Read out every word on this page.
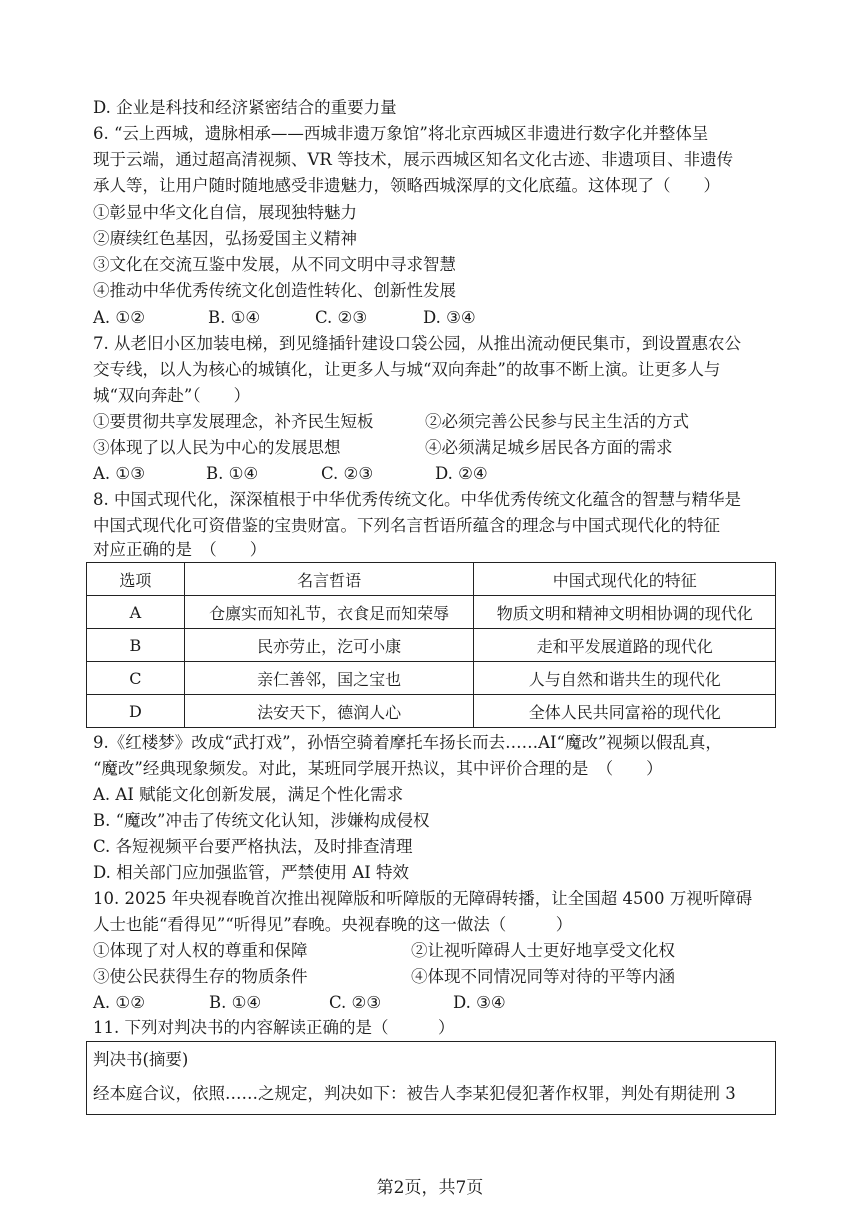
D. 企业是科技和经济紧密结合的重要力量
6. “云上西城，遗脉相承——西城非遗万象馆”将北京西城区非遗进行数字化并整体呈
现于云端，通过超高清视频、VR 等技术，展示西城区知名文化古迹、非遗项目、非遗传
承人等，让用户随时随地感受非遗魅力，领略西城深厚的文化底蕴。这体现了（　　）
①彰显中华文化自信，展现独特魅力
②赓续红色基因，弘扬爱国主义精神
③文化在交流互鉴中发展，从不同文明中寻求智慧
④推动中华优秀传统文化创造性转化、创新性发展
A. ①②	B. ①④	C. ②③	D. ③④
7. 从老旧小区加装电梯，到见缝插针建设口袋公园，从推出流动便民集市，到设置惠农公
交专线，以人为核心的城镇化，让更多人与城“双向奔赴”的故事不断上演。让更多人与
城“双向奔赴”（　　）
①要贯彻共享发展理念，补齐民生短板	②必须完善公民参与民主生活的方式
③体现了以人民为中心的发展思想	④必须满足城乡居民各方面的需求
A. ①③	B. ①④	C. ②③	D. ②④
8. 中国式现代化，深深植根于中华优秀传统文化。中华优秀传统文化蕴含的智慧与精华是
中国式现代化可资借鉴的宝贵财富。下列名言哲语所蕴含的理念与中国式现代化的特征
对应正确的是　（　　）
选项	名言哲语	中国式现代化的特征
A	仓廪实而知礼节，衣食足而知荣辱	物质文明和精神文明相协调的现代化
B	民亦劳止，汔可小康	走和平发展道路的现代化
C	亲仁善邻，国之宝也	人与自然和谐共生的现代化
D	法安天下，德润人心	全体人民共同富裕的现代化
9.《红楼梦》改成“武打戏”，孙悟空骑着摩托车扬长而去……AI“魔改”视频以假乱真，
“魔改”经典现象频发。对此，某班同学展开热议，其中评价合理的是　（　　）
A. AI 赋能文化创新发展，满足个性化需求
B. “魔改”冲击了传统文化认知，涉嫌构成侵权
C. 各短视频平台要严格执法，及时排查清理
D. 相关部门应加强监管，严禁使用 AI 特效
10. 2025 年央视春晚首次推出视障版和听障版的无障碍转播，让全国超 4500 万视听障碍
人士也能“看得见”“听得见”春晚。央视春晚的这一做法（　　　）
①体现了对人权的尊重和保障	②让视听障碍人士更好地享受文化权
③使公民获得生存的物质条件	④体现不同情况同等对待的平等内涵
A. ①②	B. ①④	C. ②③	D. ③④
11. 下列对判决书的内容解读正确的是（　　　）
判决书(摘要)
经本庭合议，依照……之规定，判决如下：被告人李某犯侵犯著作权罪，判处有期徒刑 3
第2页，共7页
